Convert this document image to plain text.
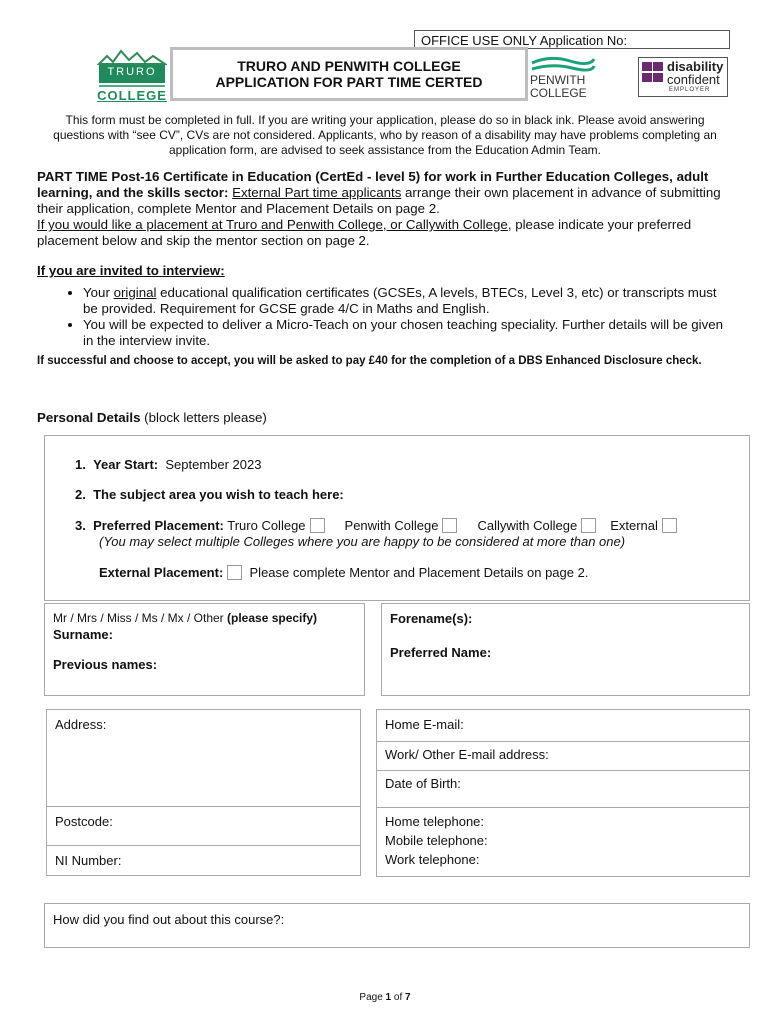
OFFICE USE ONLY Application No:
TRURO
COLLEGE
TRURO AND PENWITH COLLEGE
APPLICATION FOR PART TIME CERTED	PENWITH
COLLEGE
disability
confident
EMPLOYER
This form must be completed in full. If you are writing your application, please do so in black ink. Please avoid answering questions with “see CV”, CVs are not considered. Applicants, who by reason of a disability may have problems completing an application form, are advised to seek assistance from the Education Admin Team.
PART TIME Post-16 Certificate in Education (CertEd - level 5) for work in Further Education Colleges, adult learning, and the skills sector: External Part time applicants arrange their own placement in advance of submitting their application, complete Mentor and Placement Details on page 2.
If you would like a placement at Truro and Penwith College, or Callywith College, please indicate your preferred placement below and skip the mentor section on page 2.
If you are invited to interview:
• Your original educational qualification certificates (GCSEs, A levels, BTECs, Level 3, etc) or transcripts must be provided. Requirement for GCSE grade 4/C in Maths and English.
• You will be expected to deliver a Micro-Teach on your chosen teaching speciality. Further details will be given in the interview invite.
If successful and choose to accept, you will be asked to pay £40 for the completion of a DBS Enhanced Disclosure check.
Personal Details (block letters please)
1. Year Start: September 2023
2. The subject area you wish to teach here:
3. Preferred Placement: Truro College	Penwith College	Callywith College	External
(You may select multiple Colleges where you are happy to be considered at more than one)
External Placement: Please complete Mentor and Placement Details on page 2.
Mr / Mrs / Miss / Ms / Mx / Other (please specify)
Surname:
Previous names:
Forename(s):
Preferred Name:
Address:
Postcode:
NI Number:
Home E-mail:
Work/ Other E-mail address:
Date of Birth:
Home telephone:
Mobile telephone:
Work telephone:
How did you find out about this course?:
Page 1 of 7
